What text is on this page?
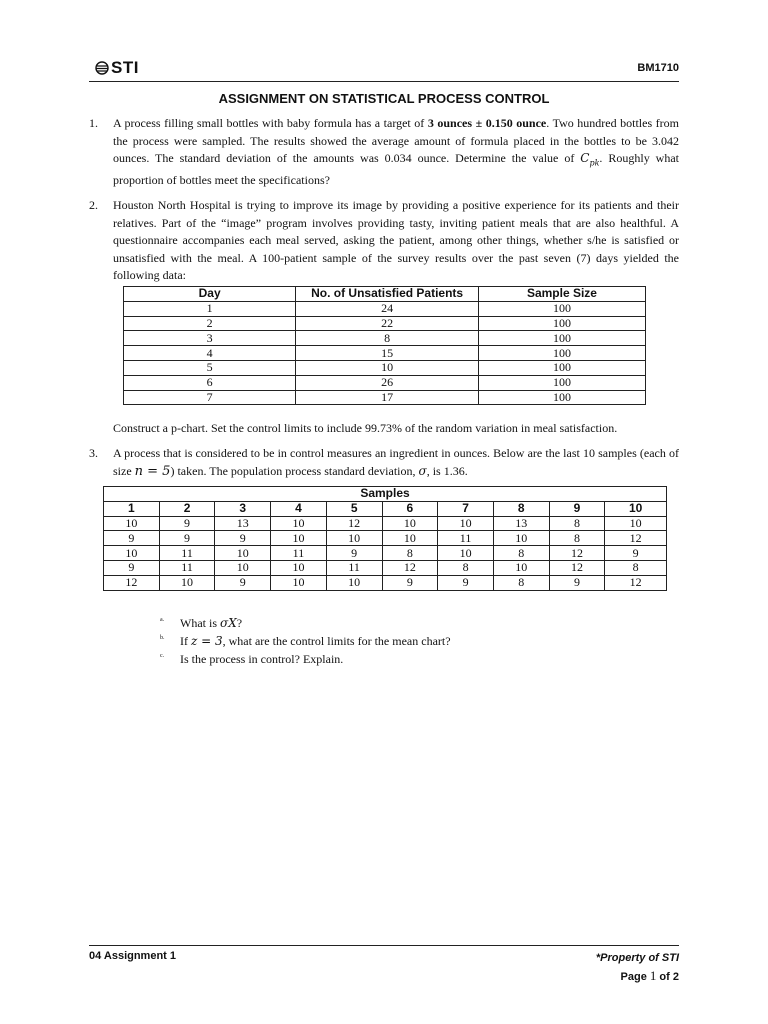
STI	BM1710
ASSIGNMENT ON STATISTICAL PROCESS CONTROL
1. A process filling small bottles with baby formula has a target of 3 ounces ± 0.150 ounce. Two hundred bottles from the process were sampled. The results showed the average amount of formula placed in the bottles to be 3.042 ounces. The standard deviation of the amounts was 0.034 ounce. Determine the value of $C_{pk}$. Roughly what proportion of bottles meet the specifications?
2. Houston North Hospital is trying to improve its image by providing a positive experience for its patients and their relatives. Part of the “image” program involves providing tasty, inviting patient meals that are also healthful. A questionnaire accompanies each meal served, asking the patient, among other things, whether s/he is satisfied or unsatisfied with the meal. A 100-patient sample of the survey results over the past seven (7) days yielded the following data:
Day	No. of Unsatisfied Patients	Sample Size
1	24	100
2	22	100
3	8	100
4	15	100
5	10	100
6	26	100
7	17	100
Construct a p-chart. Set the control limits to include 99.73% of the random variation in meal satisfaction.
3. A process that is considered to be in control measures an ingredient in ounces. Below are the last 10 samples (each of size n = 5) taken. The population process standard deviation, σ, is 1.36.
Samples									
1	2	3	4	5	6	7	8	9	10
10	9	13	10	12	10	10	13	8	10
9	9	9	10	10	10	11	10	8	12
10	11	10	11	9	8	10	8	12	9
9	11	10	10	11	12	8	10	12	8
12	10	9	10	10	9	9	8	9	12
a. What is σX?
b. If z = 3, what are the control limits for the mean chart?
c. Is the process in control? Explain.
04 Assignment 1	*Property of STI
Page 1 of 2
